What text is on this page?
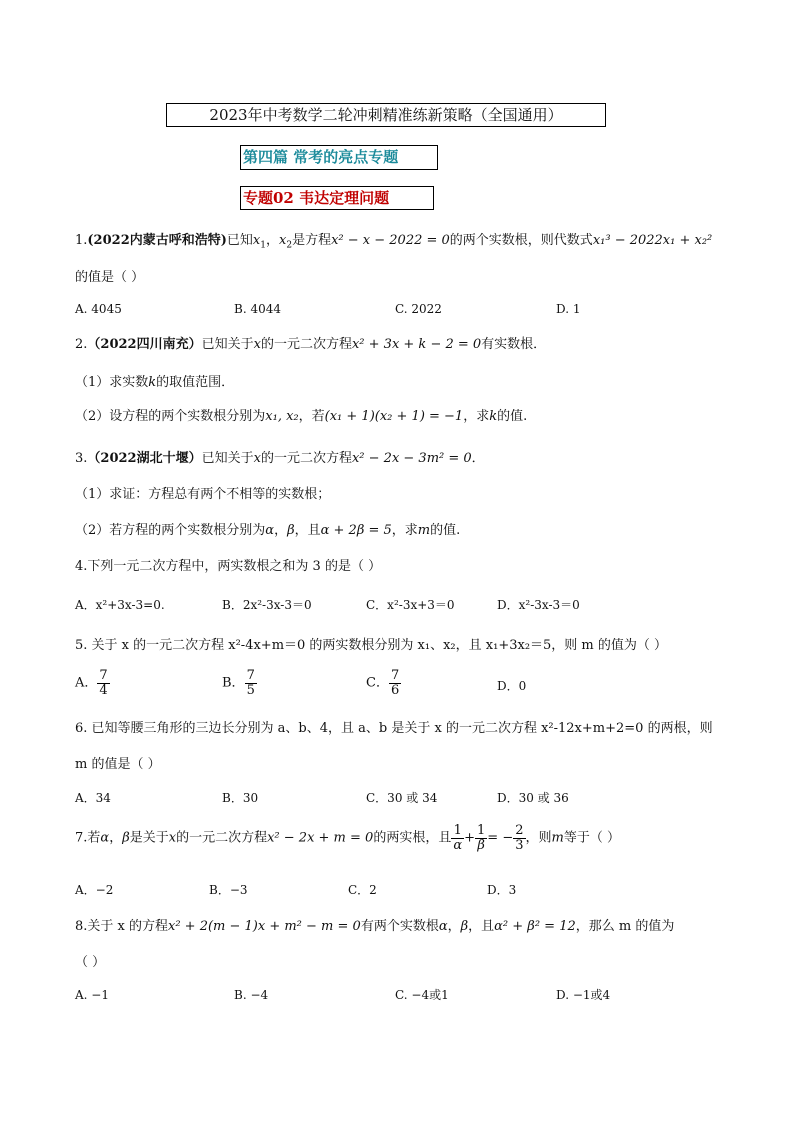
2023年中考数学二轮冲刺精准练新策略（全国通用）
第四篇 常考的亮点专题
专题02 韦达定理问题
1.(2022内蒙古呼和浩特)已知$x_1$，$x_2$是方程x² − x − 2022 = 0的两个实数根，则代数式x₁³ − 2022x₁ + x₂²
的值是（ ）
A. 4045	B. 4044	C. 2022	D. 1
2.（2022四川南充）已知关于x的一元二次方程x² + 3x + k − 2 = 0有实数根．
（1）求实数k的取值范围．
（2）设方程的两个实数根分别为x₁, x₂，若(x₁ + 1)(x₂ + 1) = −1，求k的值.
3.（2022湖北十堰）已知关于x的一元二次方程x² − 2x − 3m² = 0．
（1）求证：方程总有两个不相等的实数根；
（2）若方程的两个实数根分别为α，β，且α + 2β = 5，求m的值.
4.下列一元二次方程中，两实数根之和为 3 的是（ ）
A．x²+3x-3=0.	B．2x²-3x-3＝0	C．x²-3x+3＝0	D．x²-3x-3＝0
5. 关于 x 的一元二次方程 x²-4x+m＝0 的两实数根分别为 x₁、x₂，且 x₁+3x₂＝5，则 m 的值为（ ）
A． $\frac{7}{4}$	B． $\frac{7}{5}$	C． $\frac{7}{6}$	D．0
6. 已知等腰三角形的三边长分别为 a、b、4，且 a、b 是关于 x 的一元二次方程 x²-12x+m+2=0 的两根，则
m 的值是（ ）
A．34	B．30	C．30 或 34	D．30 或 36
7.若α，β是关于x的一元二次方程x² − 2x + m = 0的两实根，且 $\frac{1}{\alpha} + \frac{1}{\beta}$ = − $\frac{2}{3}$ ，则m等于（ ）
A．−2	B．−3	C．2	D．3
8.关于 x 的方程x² + 2(m − 1)x + m² − m = 0有两个实数根α，β，且α² + β² = 12，那么 m 的值为
（ ）
A. −1	B. −4	C. −4或1	D. −1或4
